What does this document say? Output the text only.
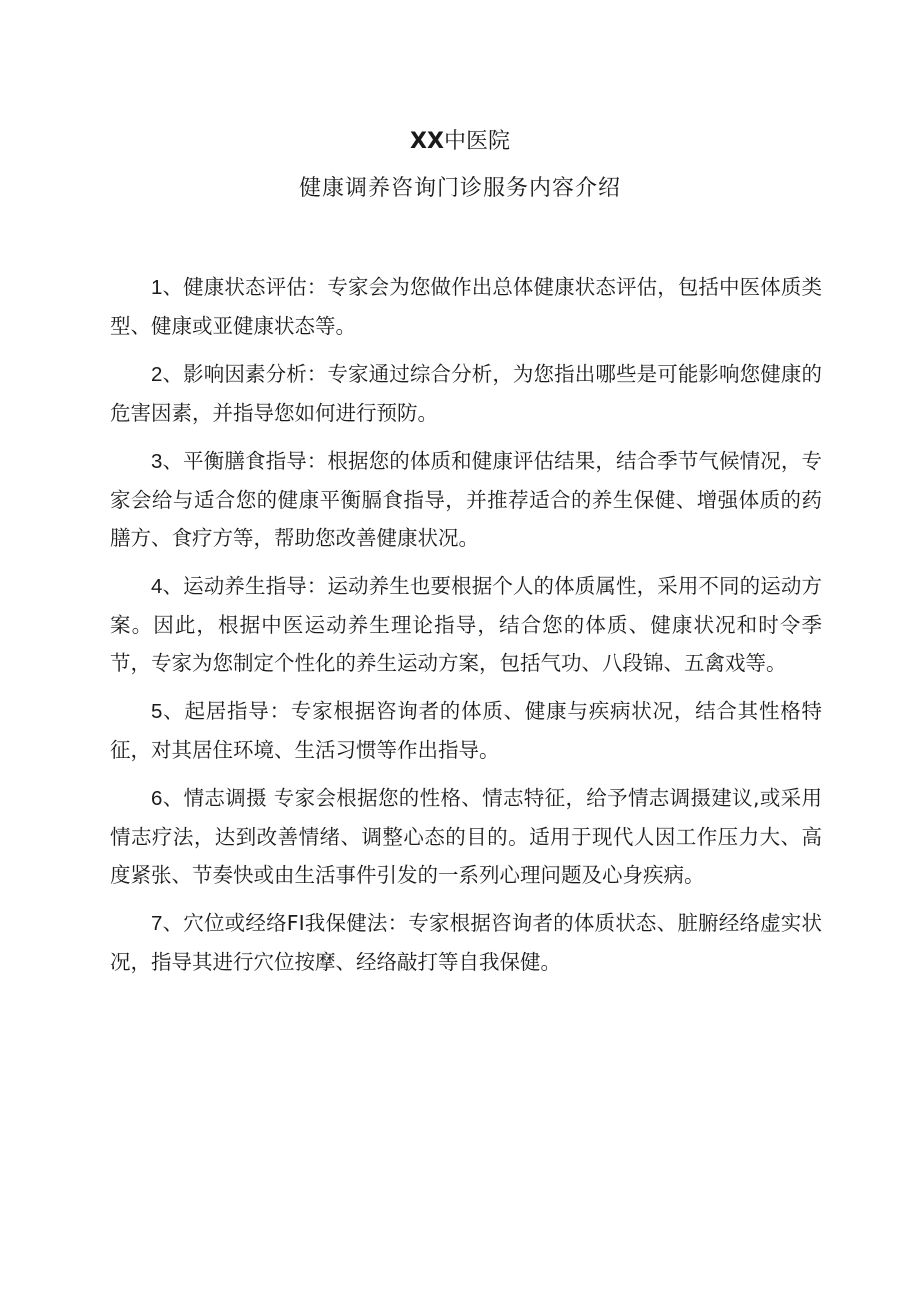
XX中医院
健康调养咨询门诊服务内容介绍

1、健康状态评估：专家会为您做作出总体健康状态评估，包括中医体质类型、健康或亚健康状态等。

2、影响因素分析：专家通过综合分析，为您指出哪些是可能影响您健康的危害因素，并指导您如何进行预防。

3、平衡膳食指导：根据您的体质和健康评估结果，结合季节气候情况，专家会给与适合您的健康平衡膈食指导，并推荐适合的养生保健、增强体质的药膳方、食疗方等，帮助您改善健康状况。

4、运动养生指导：运动养生也要根据个人的体质属性，采用不同的运动方案。因此，根据中医运动养生理论指导，结合您的体质、健康状况和时令季节，专家为您制定个性化的养生运动方案，包括气功、八段锦、五禽戏等。

5、起居指导：专家根据咨询者的体质、健康与疾病状况，结合其性格特征，对其居住环境、生活习惯等作出指导。

6、情志调摄 专家会根据您的性格、情志特征，给予情志调摄建议,或采用情志疗法，达到改善情绪、调整心态的目的。适用于现代人因工作压力大、高度紧张、节奏快或由生活事件引发的一系列心理问题及心身疾病。

7、穴位或经络FI我保健法：专家根据咨询者的体质状态、脏腑经络虚实状况，指导其进行穴位按摩、经络敲打等自我保健。
